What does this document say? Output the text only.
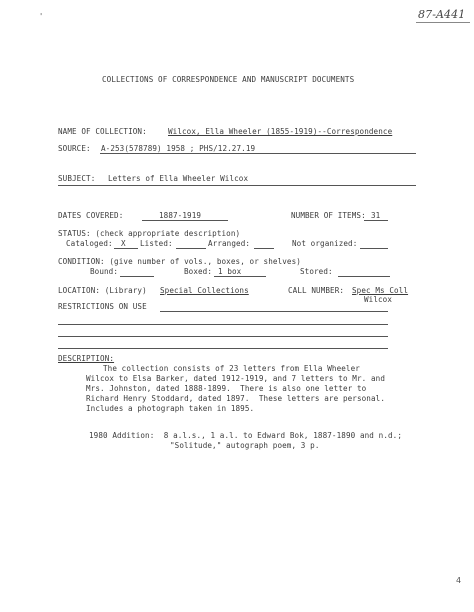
87-A441
'
COLLECTIONS OF CORRESPONDENCE AND MANUSCRIPT DOCUMENTS
NAME OF COLLECTION:	Wilcox, Ella Wheeler (1855-1919)--Correspondence
SOURCE: A-253(578789) 1958 ; PHS/12.27.19
SUBJECT: Letters of Ella Wheeler Wilcox
DATES COVERED:	1887-1919	NUMBER OF ITEMS: 31
STATUS: (check appropriate description)
Cataloged: X Listed:	Arranged:	Not organized:
CONDITION: (give number of vols., boxes, or shelves)
Bound:	Boxed: 1 box	Stored:
LOCATION: (Library) Special Collections	CALL NUMBER: Spec Ms Coll
Wilcox
RESTRICTIONS ON USE
DESCRIPTION:
The collection consists of 23 letters from Ella Wheeler
Wilcox to Elsa Barker, dated 1912-1919, and 7 letters to Mr. and
Mrs. Johnston, dated 1888-1899.  There is also one letter to
Richard Henry Stoddard, dated 1897.  These letters are personal.
Includes a photograph taken in 1895.
1980 Addition:  8 a.l.s., 1 a.l. to Edward Bok, 1887-1890 and n.d.;
"Solitude," autograph poem, 3 p.
4
